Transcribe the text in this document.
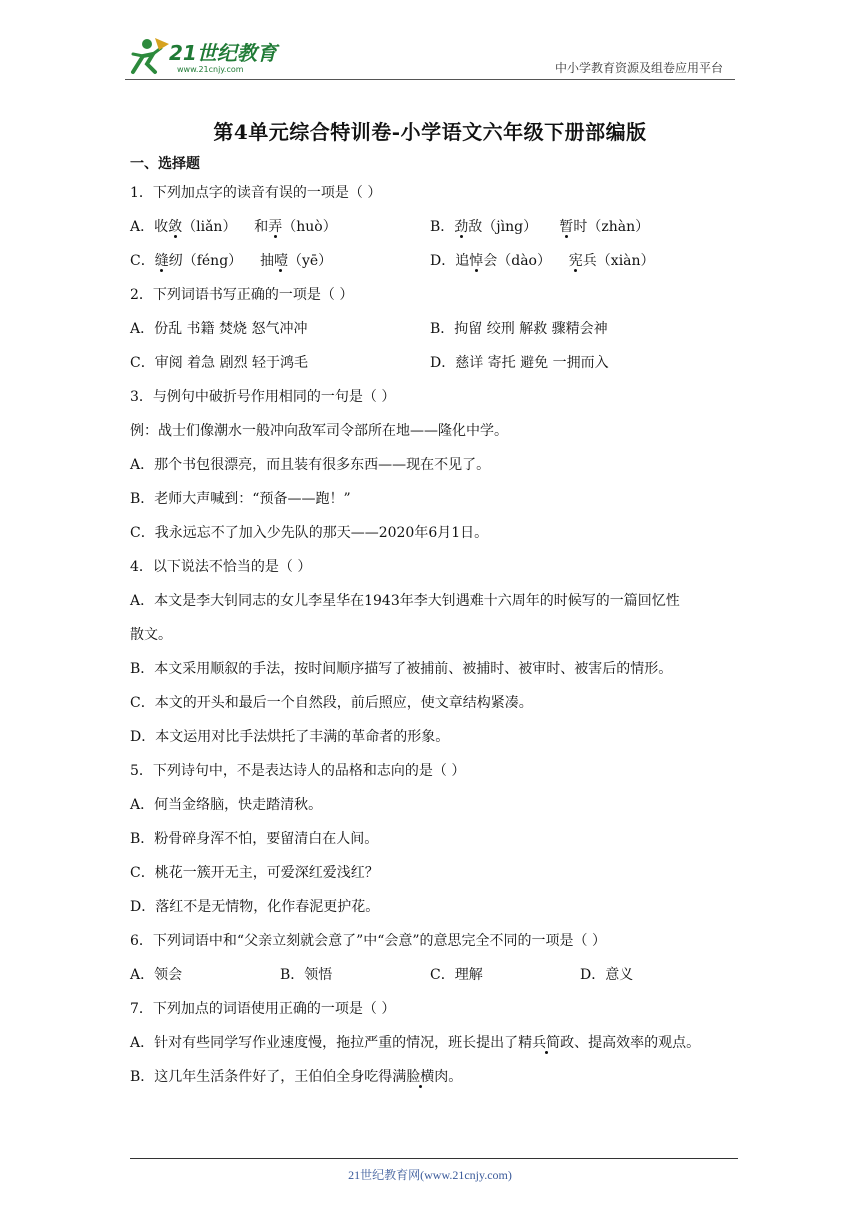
21世纪教育
www.21cnjy.com	中小学教育资源及组卷应用平台
第4单元综合特训卷-小学语文六年级下册部编版
一、选择题
1．下列加点字的读音有误的一项是（ ）
A．收敛（liǎn） 和弄（huò）	B．劲敌（jìng） 暂时（zhàn）
C．缝纫（féng） 抽噎（yē）	D．追悼会（dào） 宪兵（xiàn）
2．下列词语书写正确的一项是（ ）
A．份乱 书籍 焚烧 怒气冲冲	B．拘留 绞刑 解救 骤精会神
C．审阅 着急 剧烈 轻于鸿毛	D．慈详 寄托 避免 一拥而入
3．与例句中破折号作用相同的一句是（ ）
例：战士们像潮水一般冲向敌军司令部所在地——隆化中学。
A．那个书包很漂亮，而且装有很多东西——现在不见了。
B．老师大声喊到：“预备——跑！”
C．我永远忘不了加入少先队的那天——2020年6月1日。
4．以下说法不恰当的是（ ）
A．本文是李大钊同志的女儿李星华在1943年李大钊遇难十六周年的时候写的一篇回忆性
散文。
B．本文采用顺叙的手法，按时间顺序描写了被捕前、被捕时、被审时、被害后的情形。
C．本文的开头和最后一个自然段，前后照应，使文章结构紧凑。
D．本文运用对比手法烘托了丰满的革命者的形象。
5．下列诗句中，不是表达诗人的品格和志向的是（ ）
A．何当金络脑，快走踏清秋。
B．粉骨碎身浑不怕，要留清白在人间。
C．桃花一簇开无主，可爱深红爱浅红？
D．落红不是无情物，化作春泥更护花。
6．下列词语中和“父亲立刻就会意了”中“会意”的意思完全不同的一项是（ ）
A．领会	B．领悟	C．理解	D．意义
7．下列加点的词语使用正确的一项是（ ）
A．针对有些同学写作业速度慢，拖拉严重的情况，班长提出了精兵简政、提高效率的观点。
B．这几年生活条件好了，王伯伯全身吃得满脸横肉。
21世纪教育网(www.21cnjy.com)
